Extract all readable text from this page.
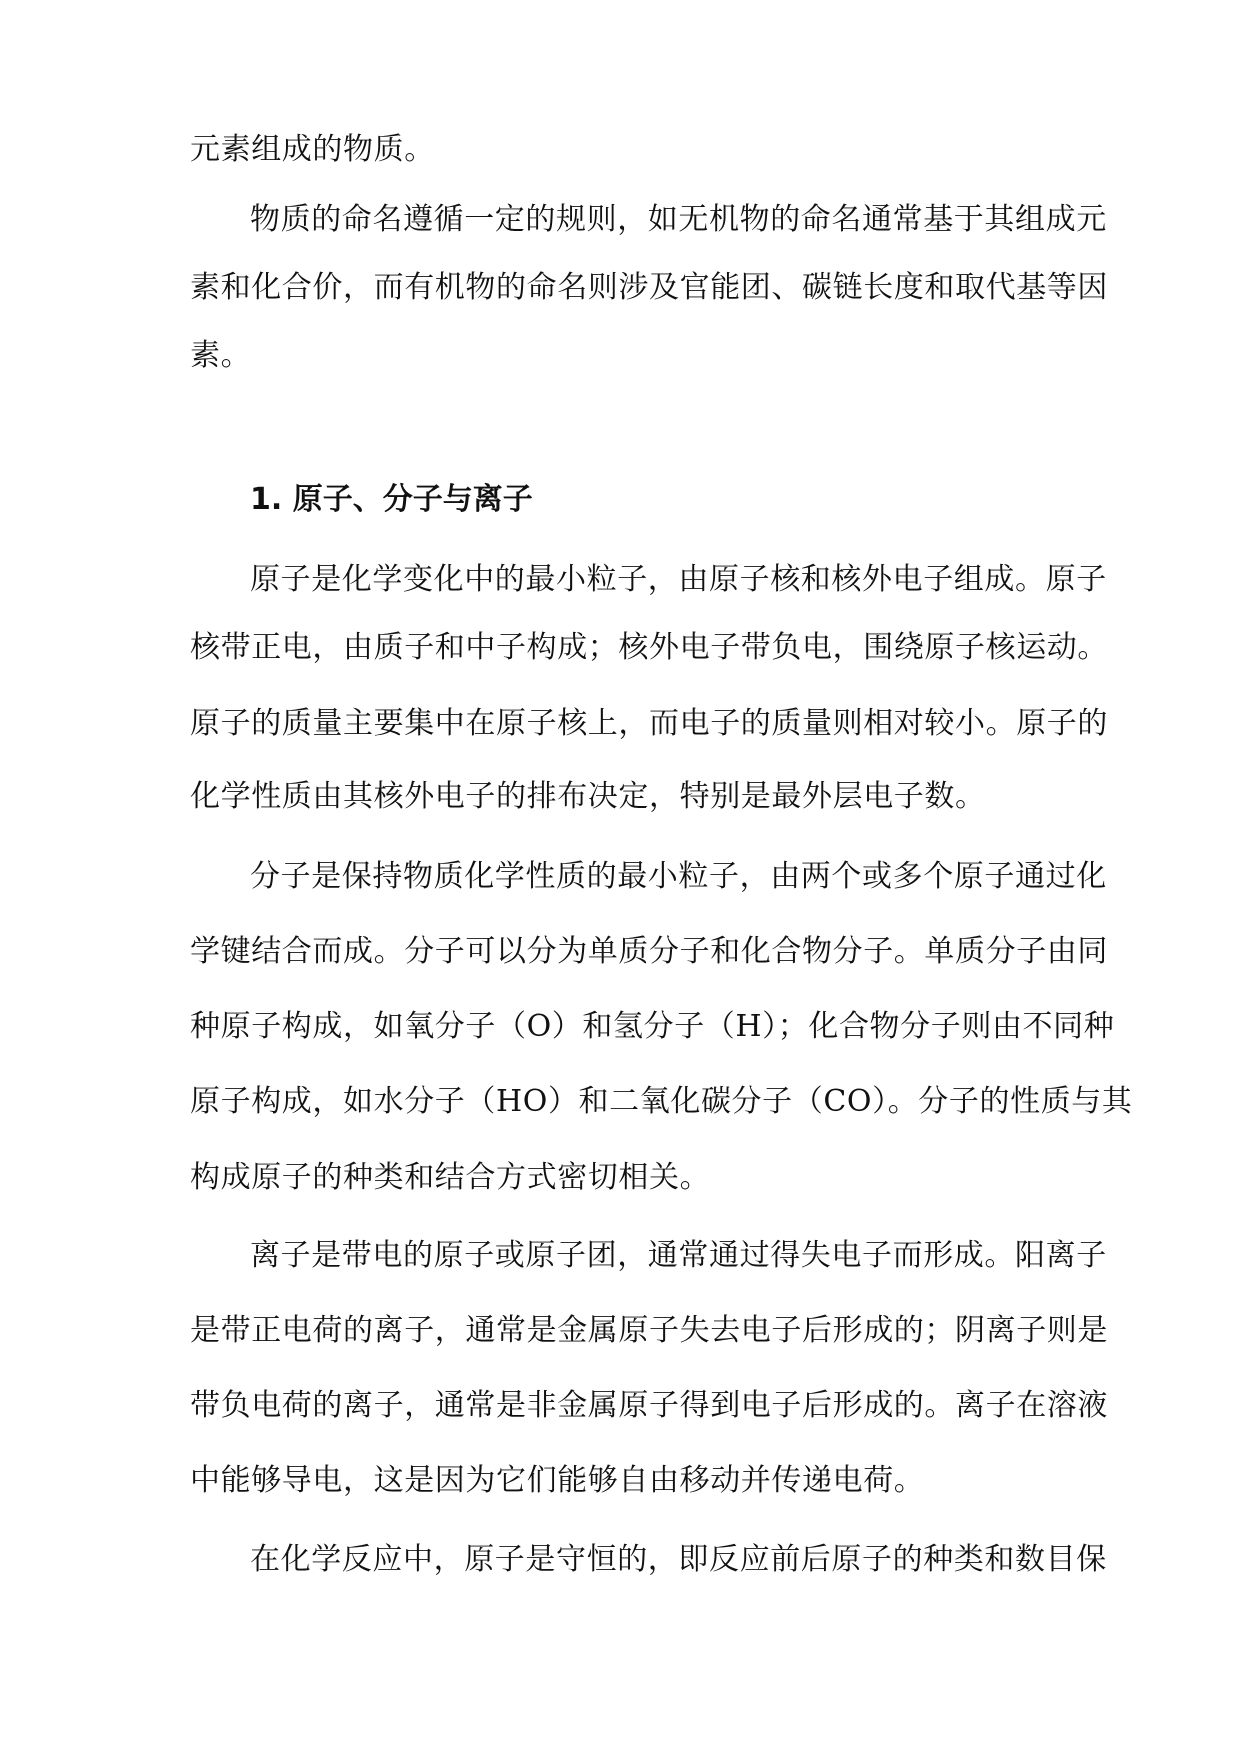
元素组成的物质。
物质的命名遵循一定的规则，如无机物的命名通常基于其组成元
素和化合价，而有机物的命名则涉及官能团、碳链长度和取代基等因
素。
1. 原子、分子与离子
原子是化学变化中的最小粒子，由原子核和核外电子组成。原子
核带正电，由质子和中子构成；核外电子带负电，围绕原子核运动。
原子的质量主要集中在原子核上，而电子的质量则相对较小。原子的
化学性质由其核外电子的排布决定，特别是最外层电子数。
分子是保持物质化学性质的最小粒子，由两个或多个原子通过化
学键结合而成。分子可以分为单质分子和化合物分子。单质分子由同
种原子构成，如氧分子（O）和氢分子（H）；化合物分子则由不同种
原子构成，如水分子（HO）和二氧化碳分子（CO）。分子的性质与其
构成原子的种类和结合方式密切相关。
离子是带电的原子或原子团，通常通过得失电子而形成。阳离子
是带正电荷的离子，通常是金属原子失去电子后形成的；阴离子则是
带负电荷的离子，通常是非金属原子得到电子后形成的。离子在溶液
中能够导电，这是因为它们能够自由移动并传递电荷。
在化学反应中，原子是守恒的，即反应前后原子的种类和数目保
